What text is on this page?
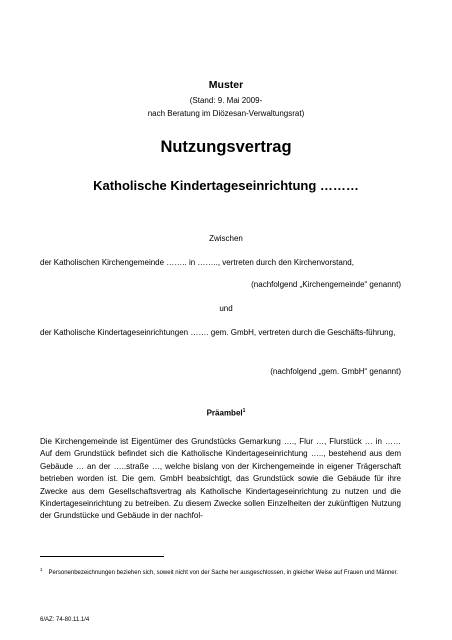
Muster
(Stand: 9. Mai 2009-
nach Beratung im Diözesan-Verwaltungsrat)
Nutzungsvertrag
Katholische Kindertageseinrichtung ………
Zwischen
der Katholischen Kirchengemeinde …….. in …….., vertreten durch den Kirchenvorstand,
(nachfolgend „Kirchengemeinde“ genannt)
und
der Katholische Kindertageseinrichtungen ……. gem. GmbH, vertreten durch die Geschäfts-führung,
(nachfolgend „gem. GmbH“ genannt)
Präambel$^1$
Die Kirchengemeinde ist Eigentümer des Grundstücks Gemarkung …., Flur …, Flurstück … in …… Auf dem Grundstück befindet sich die Katholische Kindertageseinrichtung ….., bestehend aus dem Gebäude … an der …..straße …, welche bislang von der Kirchengemeinde in eigener Trägerschaft betrieben worden ist. Die gem. GmbH beabsichtigt, das Grundstück sowie die Gebäude für ihre Zwecke aus dem Gesellschaftsvertrag als Katholische Kindertageseinrichtung zu nutzen und die Kindertageseinrichtung zu betreiben. Zu diesem Zwecke sollen Einzelheiten der zukünftigen Nutzung der Grundstücke und Gebäude in der nachfol-
$^1$Personenbezeichnungen beziehen sich, soweit nicht von der Sache her ausgeschlossen, in gleicher Weise auf Frauen und Männer.
6/AZ: 74-80.11.1/4
